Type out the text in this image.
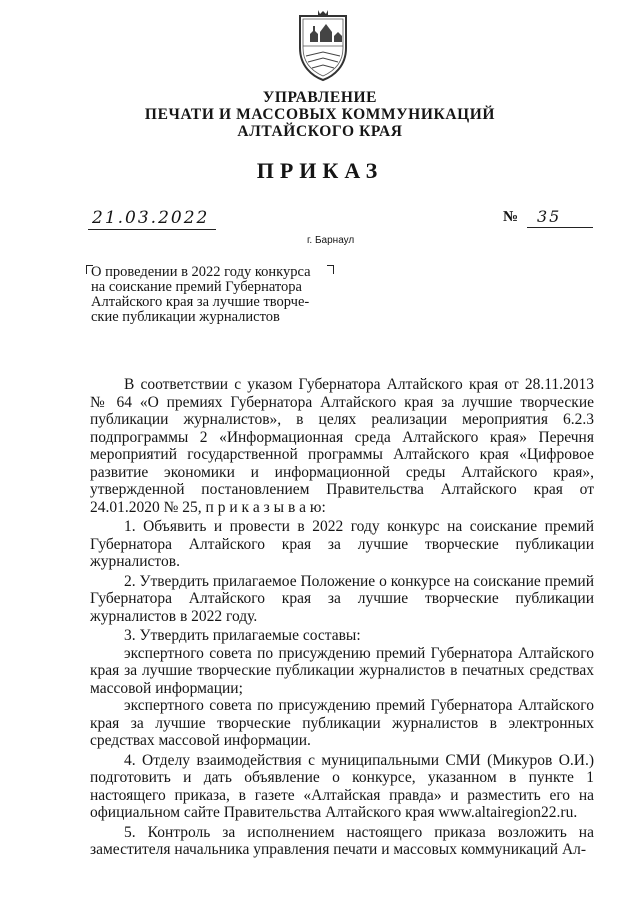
УПРАВЛЕНИЕ
ПЕЧАТИ И МАССОВЫХ КОММУНИКАЦИЙ
АЛТАЙСКОГО КРАЯ
ПРИКАЗ
21.03.2022	№	35
г. Барнаул
О проведении в 2022 году конкурса
на соискание премий Губернатора
Алтайского края за лучшие творче-
ские публикации журналистов

В соответствии с указом Губернатора Алтайского края от 28.11.2013 № 64 «О премиях Губернатора Алтайского края за лучшие творческие публикации журналистов», в целях реализации мероприятия 6.2.3 подпрограммы 2 «Информационная среда Алтайского края» Перечня мероприятий государственной программы Алтайского края «Цифровое развитие экономики и информационной среды Алтайского края», утвержденной постановлением Правительства Алтайского края от 24.01.2020 № 25, п р и к а з ы в а ю:

1. Объявить и провести в 2022 году конкурс на соискание премий Губернатора Алтайского края за лучшие творческие публикации журналистов.

2. Утвердить прилагаемое Положение о конкурсе на соискание премий Губернатора Алтайского края за лучшие творческие публикации журналистов в 2022 году.

3. Утвердить прилагаемые составы:

экспертного совета по присуждению премий Губернатора Алтайского края за лучшие творческие публикации журналистов в печатных средствах массовой информации;

экспертного совета по присуждению премий Губернатора Алтайского края за лучшие творческие публикации журналистов в электронных средствах массовой информации.

4. Отделу взаимодействия с муниципальными СМИ (Микуров О.И.) подготовить и дать объявление о конкурсе, указанном в пункте 1 настоящего приказа, в газете «Алтайская правда» и разместить его на официальном сайте Правительства Алтайского края www.altairegion22.ru.

5. Контроль за исполнением настоящего приказа возложить на заместителя начальника управления печати и массовых коммуникаций Ал-
